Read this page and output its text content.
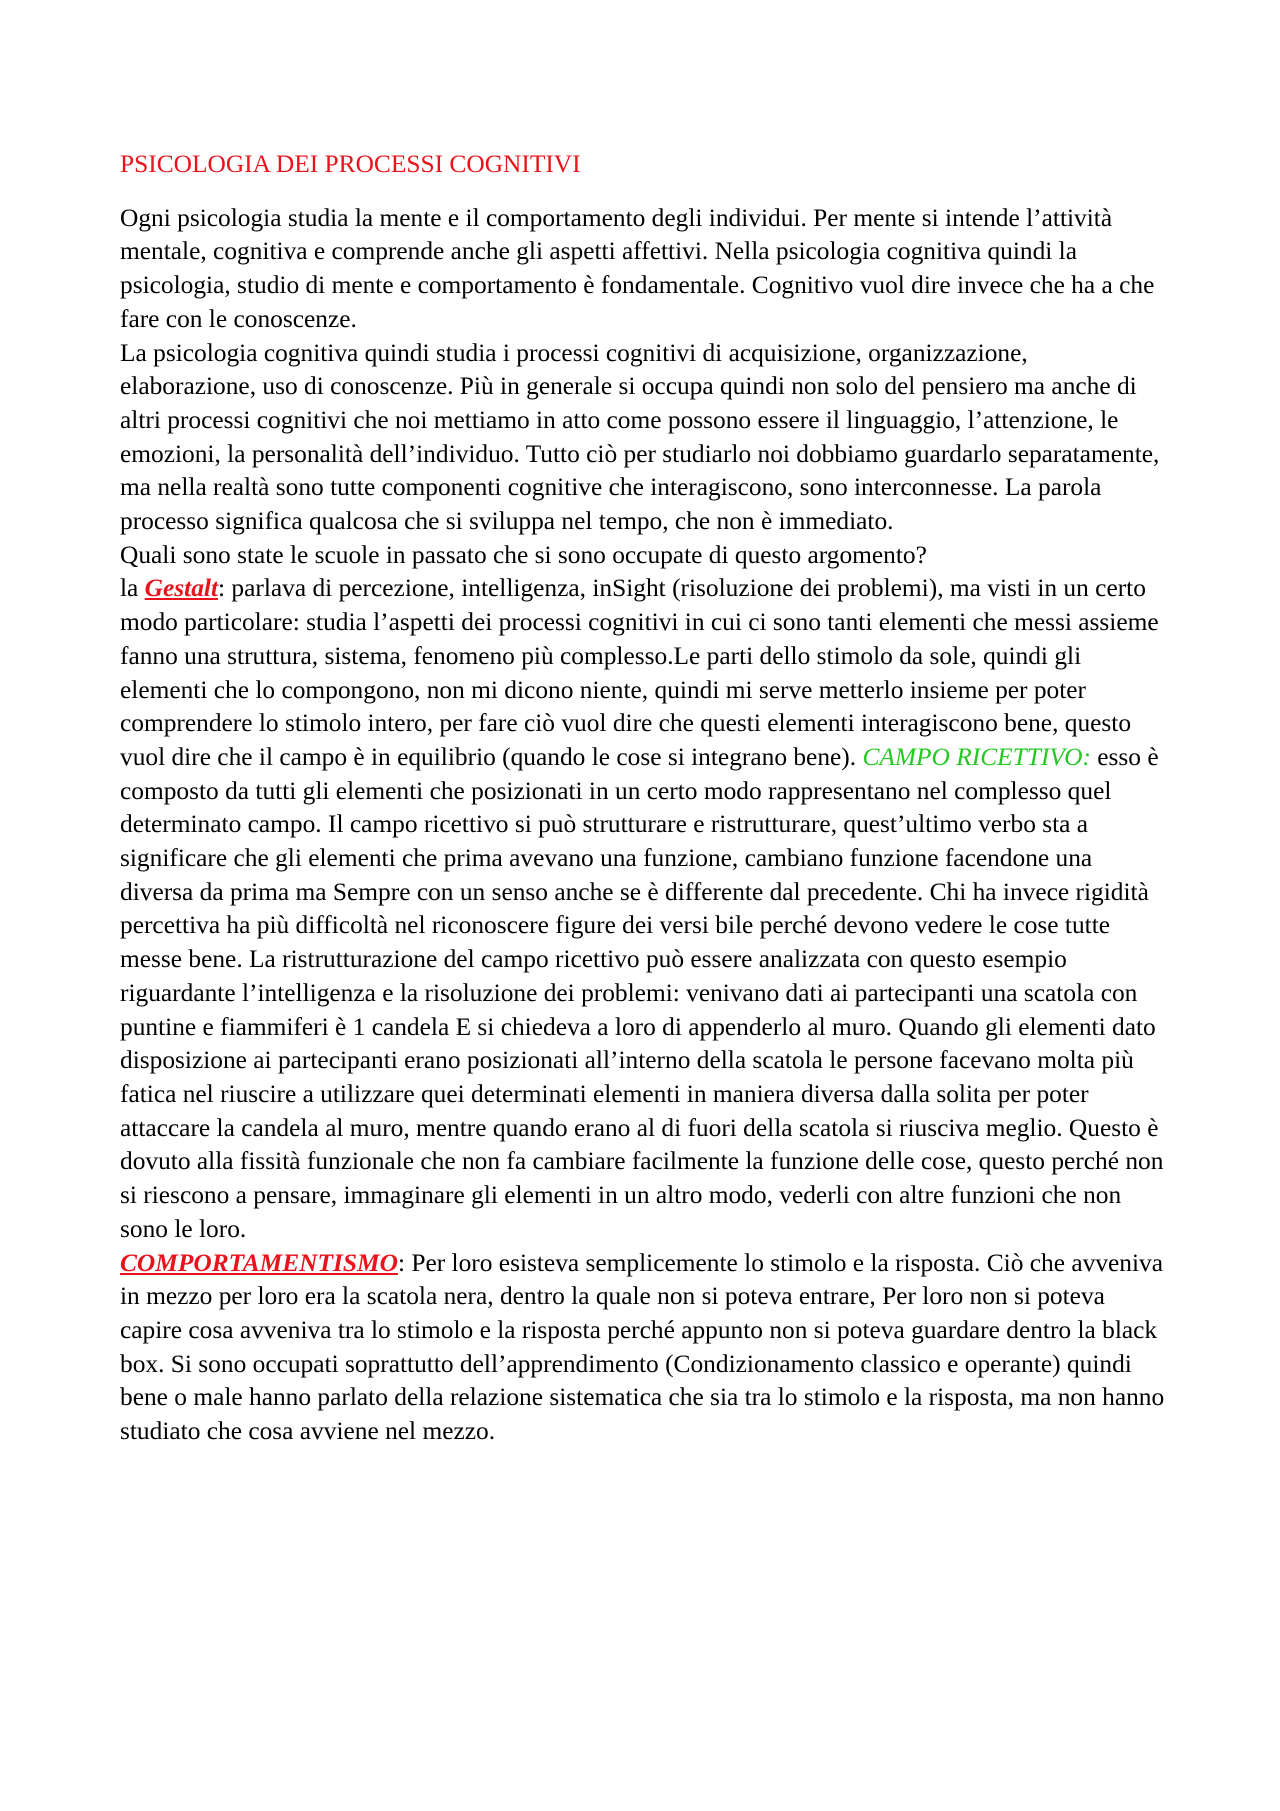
PSICOLOGIA DEI PROCESSI COGNITIVI

Ogni psicologia studia la mente e il comportamento degli individui. Per mente si intende l’attività mentale, cognitiva e comprende anche gli aspetti affettivi. Nella psicologia cognitiva quindi la psicologia, studio di mente e comportamento è fondamentale. Cognitivo vuol dire invece che ha a che fare con le conoscenze.

La psicologia cognitiva quindi studia i processi cognitivi di acquisizione, organizzazione, elaborazione, uso di conoscenze. Più in generale si occupa quindi non solo del pensiero ma anche di altri processi cognitivi che noi mettiamo in atto come possono essere il linguaggio, l’attenzione, le emozioni, la personalità dell’individuo. Tutto ciò per studiarlo noi dobbiamo guardarlo separatamente, ma nella realtà sono tutte componenti cognitive che interagiscono, sono interconnesse. La parola processo significa qualcosa che si sviluppa nel tempo, che non è immediato.

Quali sono state le scuole in passato che si sono occupate di questo argomento?

la Gestalt: parlava di percezione, intelligenza, inSight (risoluzione dei problemi), ma visti in un certo modo particolare: studia l’aspetti dei processi cognitivi in cui ci sono tanti elementi che messi assieme fanno una struttura, sistema, fenomeno più complesso.Le parti dello stimolo da sole, quindi gli elementi che lo compongono, non mi dicono niente, quindi mi serve metterlo insieme per poter comprendere lo stimolo intero, per fare ciò vuol dire che questi elementi interagiscono bene, questo vuol dire che il campo è in equilibrio (quando le cose si integrano bene). CAMPO RICETTIVO: esso è composto da tutti gli elementi che posizionati in un certo modo rappresentano nel complesso quel determinato campo. Il campo ricettivo si può strutturare e ristrutturare, quest’ultimo verbo sta a significare che gli elementi che prima avevano una funzione, cambiano funzione facendone una diversa da prima ma Sempre con un senso anche se è differente dal precedente. Chi ha invece rigidità percettiva ha più difficoltà nel riconoscere figure dei versi bile perché devono vedere le cose tutte messe bene. La ristrutturazione del campo ricettivo può essere analizzata con questo esempio riguardante l’intelligenza e la risoluzione dei problemi: venivano dati ai partecipanti una scatola con puntine e fiammiferi è 1 candela E si chiedeva a loro di appenderlo al muro. Quando gli elementi dato disposizione ai partecipanti erano posizionati all’interno della scatola le persone facevano molta più fatica nel riuscire a utilizzare quei determinati elementi in maniera diversa dalla solita per poter attaccare la candela al muro, mentre quando erano al di fuori della scatola si riusciva meglio. Questo è dovuto alla fissità funzionale che non fa cambiare facilmente la funzione delle cose, questo perché non si riescono a pensare, immaginare gli elementi in un altro modo, vederli con altre funzioni che non sono le loro.

COMPORTAMENTISMO: Per loro esisteva semplicemente lo stimolo e la risposta. Ciò che avveniva in mezzo per loro era la scatola nera, dentro la quale non si poteva entrare, Per loro non si poteva capire cosa avveniva tra lo stimolo e la risposta perché appunto non si poteva guardare dentro la black box. Si sono occupati soprattutto dell’apprendimento (Condizionamento classico e operante) quindi bene o male hanno parlato della relazione sistematica che sia tra lo stimolo e la risposta, ma non hanno studiato che cosa avviene nel mezzo.
